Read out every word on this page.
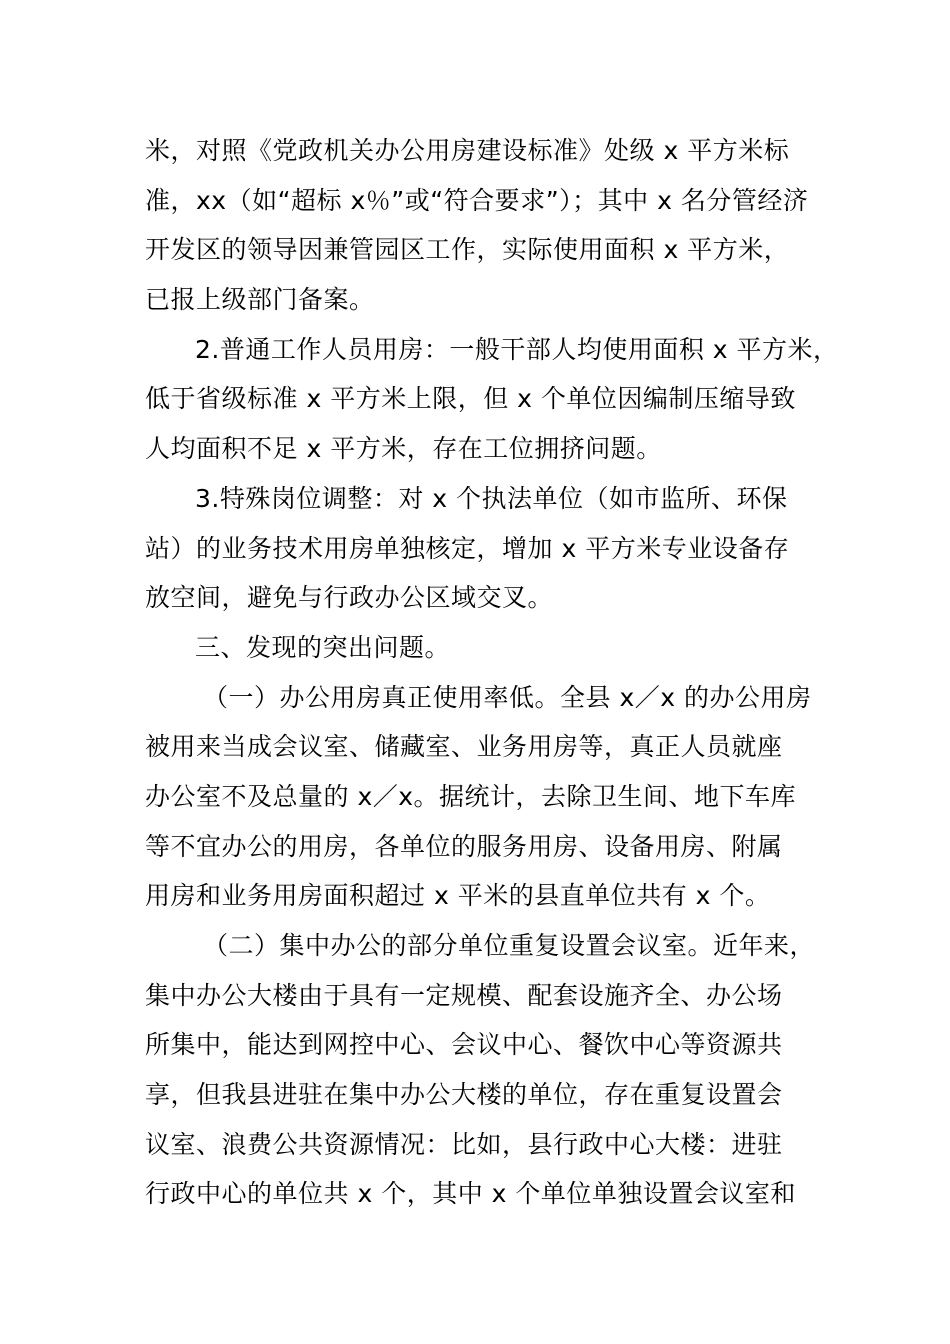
米，对照《党政机关办公用房建设标准》处级 x 平方米标
准，xx（如“超标 x％”或“符合要求”）；其中 x 名分管经济
开发区的领导因兼管园区工作，实际使用面积 x 平方米，
已报上级部门备案。
2.普通工作人员用房：一般干部人均使用面积 x 平方米，
低于省级标准 x 平方米上限，但 x 个单位因编制压缩导致
人均面积不足 x 平方米，存在工位拥挤问题。
3.特殊岗位调整：对 x 个执法单位（如市监所、环保
站）的业务技术用房单独核定，增加 x 平方米专业设备存
放空间，避免与行政办公区域交叉。
三、发现的突出问题。
（一）办公用房真正使用率低。全县 x／x 的办公用房
被用来当成会议室、储藏室、业务用房等，真正人员就座
办公室不及总量的 x／x。据统计，去除卫生间、地下车库
等不宜办公的用房，各单位的服务用房、设备用房、附属
用房和业务用房面积超过 x 平米的县直单位共有 x 个。
（二）集中办公的部分单位重复设置会议室。近年来，
集中办公大楼由于具有一定规模、配套设施齐全、办公场
所集中，能达到网控中心、会议中心、餐饮中心等资源共
享，但我县进驻在集中办公大楼的单位，存在重复设置会
议室、浪费公共资源情况：比如，县行政中心大楼：进驻
行政中心的单位共 x 个，其中 x 个单位单独设置会议室和
